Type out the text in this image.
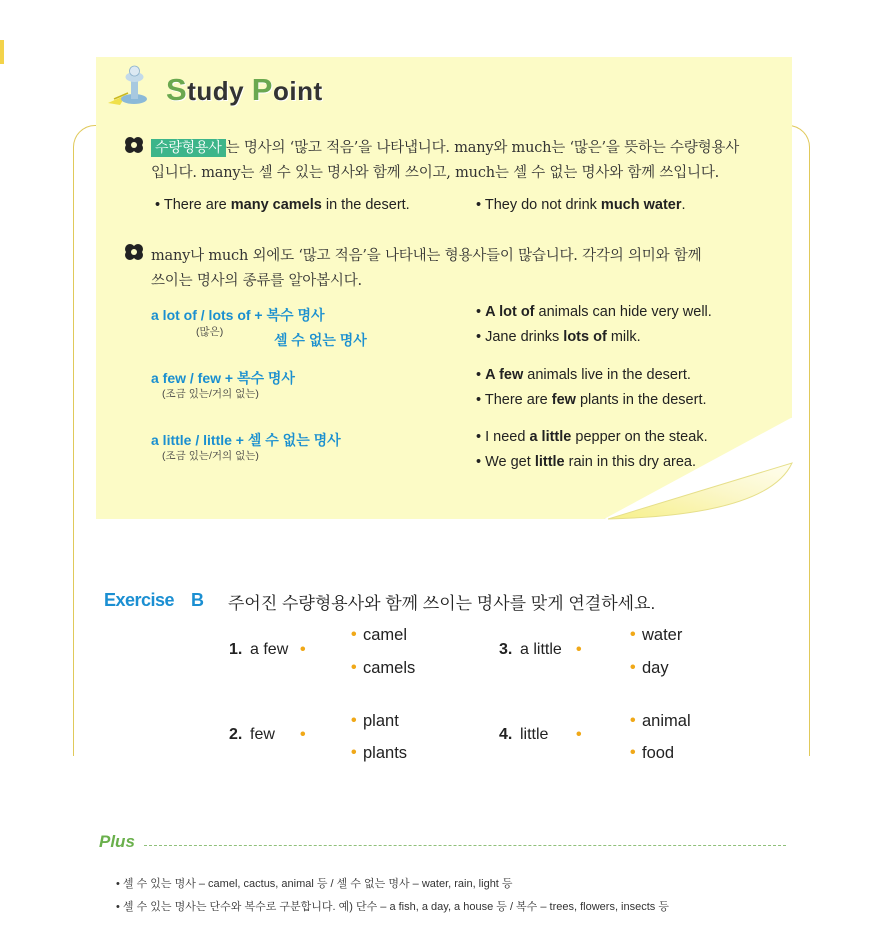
Study Point
수량형용사 는 명사의 ‘많고 적음’을 나타냅니다. many와 much는 ‘많은’을 뜻하는 수량형용사
입니다. many는 셀 수 있는 명사와 함께 쓰이고, much는 셀 수 없는 명사와 함께 쓰입니다.
• There are many camels in the desert.	• They do not drink much water.
many나 much 외에도 ‘많고 적음’을 나타내는 형용사들이 많습니다. 각각의 의미와 함께
쓰이는 명사의 종류를 알아봅시다.
a lot of / lots of + 복수 명사
(많은)	셀 수 없는 명사
• A lot of animals can hide very well.
• Jane drinks lots of milk.
a few / few + 복수 명사
(조금 있는/거의 없는)
• A few animals live in the desert.
• There are few plants in the desert.
a little / little + 셀 수 없는 명사
(조금 있는/거의 없는)
• I need a little pepper on the steak.
• We get little rain in this dry area.
Exercise B 주어진 수량형용사와 함께 쓰이는 명사를 맞게 연결하세요.
1. a few •
• camel
• camels
3. a little •
• water
• day
2. few •
• plant
• plants
4. little •
• animal
• food
Plus
• 셀 수 있는 명사 – camel, cactus, animal 등 / 셀 수 없는 명사 – water, rain, light 등
• 셀 수 있는 명사는 단수와 복수로 구분합니다. 예) 단수 – a fish, a day, a house 등 / 복수 – trees, flowers, insects 등
